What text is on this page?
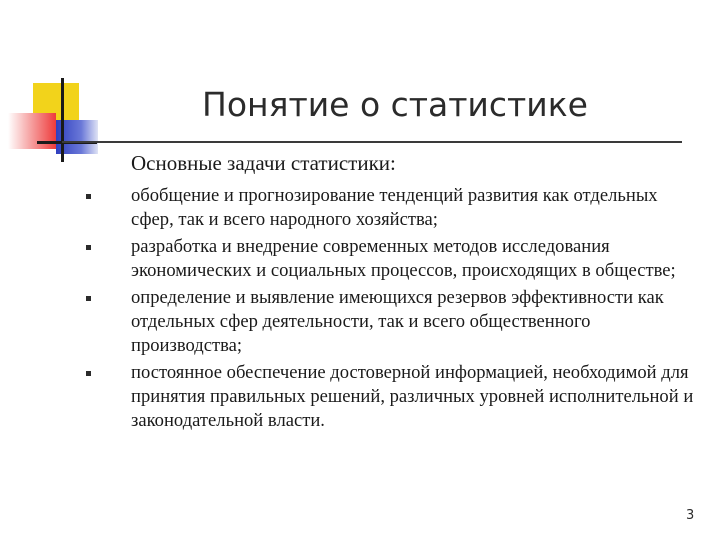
Понятие о статистике
Основные задачи статистики:
обобщение и прогнозирование тенденций развития как отдельных сфер, так и всего народного хозяйства;
разработка и внедрение современных методов исследования экономических и социальных процессов, происходящих в обществе;
определение и выявление имеющихся резервов эффективности как отдельных сфер деятельности, так и всего общественного производства;
постоянное обеспечение достоверной информацией, необходимой для принятия правильных решений, различных уровней исполнительной и законодательной власти.
3
